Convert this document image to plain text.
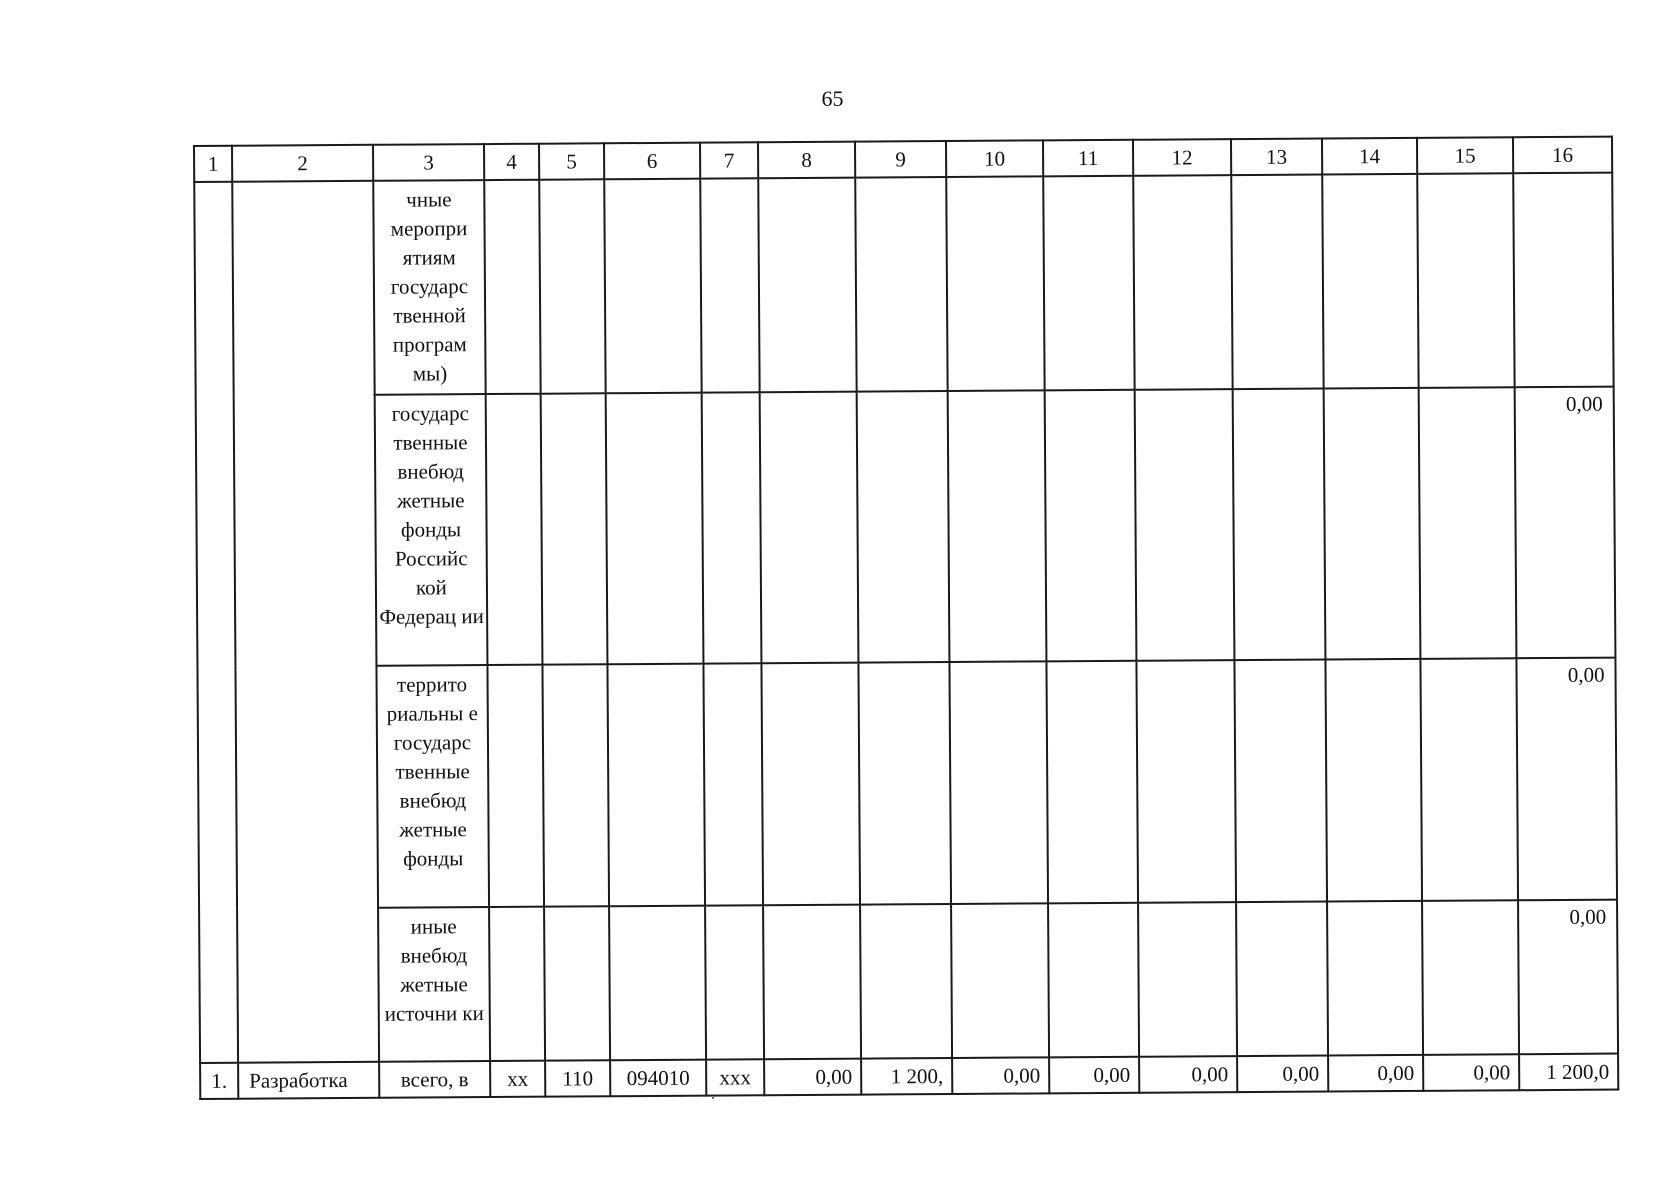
65
1	2	3	4	5	6	7	8	9	10	11	12	13	14	15	16
		чные меропри ятиям государс твенной програм мы)													
		государс твенные внебюд жетные фонды Российс кой Федерац ии													0,00
		террито риальны е государс твенные внебюд жетные фонды													0,00
		иные внебюд жетные источни ки													0,00
1.	Разработка	всего, в	хх	110	094010	ххх	0,00	1 200,	0,00	0,00	0,00	0,00	0,00	0,00	1 200,0
